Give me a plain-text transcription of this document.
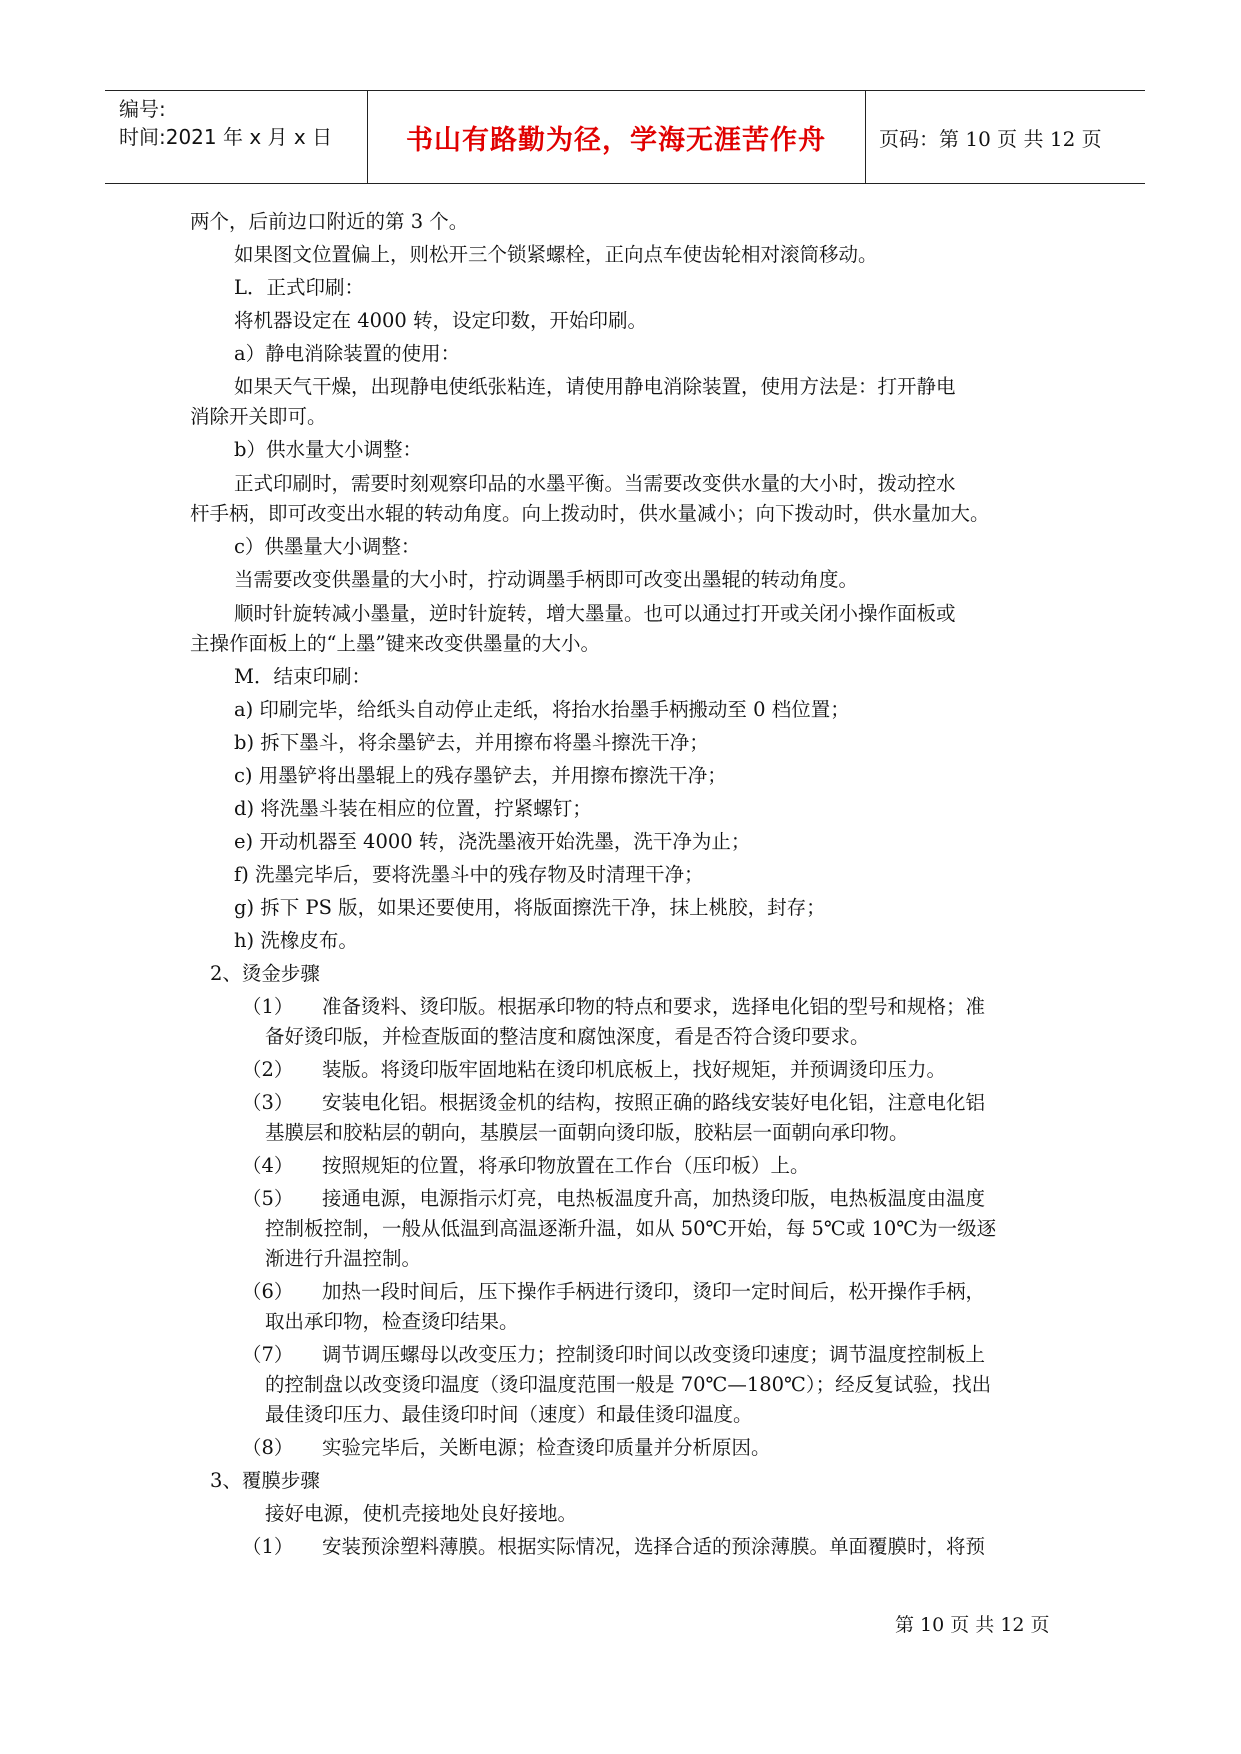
编号:
时间:2021 年 x 月 x 日	书山有路勤为径，学海无涯苦作舟	页码：第 10 页 共 12 页
两个，后前边口附近的第 3 个。
如果图文位置偏上，则松开三个锁紧螺栓，正向点车使齿轮相对滚筒移动。
L．正式印刷：
将机器设定在 4000 转，设定印数，开始印刷。
a）静电消除装置的使用：
如果天气干燥，出现静电使纸张粘连，请使用静电消除装置，使用方法是：打开静电
消除开关即可。
b）供水量大小调整：
正式印刷时，需要时刻观察印品的水墨平衡。当需要改变供水量的大小时，拨动控水
杆手柄，即可改变出水辊的转动角度。向上拨动时，供水量减小；向下拨动时，供水量加大。
c）供墨量大小调整：
当需要改变供墨量的大小时，拧动调墨手柄即可改变出墨辊的转动角度。
顺时针旋转减小墨量，逆时针旋转，增大墨量。也可以通过打开或关闭小操作面板或
主操作面板上的“上墨”键来改变供墨量的大小。
M．结束印刷：
a) 印刷完毕，给纸头自动停止走纸，将抬水抬墨手柄搬动至 0 档位置；
b) 拆下墨斗，将余墨铲去，并用擦布将墨斗擦洗干净；
c) 用墨铲将出墨辊上的残存墨铲去，并用擦布擦洗干净；
d) 将洗墨斗装在相应的位置，拧紧螺钉；
e) 开动机器至 4000 转，浇洗墨液开始洗墨，洗干净为止；
f) 洗墨完毕后，要将洗墨斗中的残存物及时清理干净；
g) 拆下 PS 版，如果还要使用，将版面擦洗干净，抹上桃胶，封存；
h) 洗橡皮布。
2、烫金步骤
（1） 准备烫料、烫印版。根据承印物的特点和要求，选择电化铝的型号和规格；准
备好烫印版，并检查版面的整洁度和腐蚀深度，看是否符合烫印要求。
（2） 装版。将烫印版牢固地粘在烫印机底板上，找好规矩，并预调烫印压力。
（3） 安装电化铝。根据烫金机的结构，按照正确的路线安装好电化铝，注意电化铝
基膜层和胶粘层的朝向，基膜层一面朝向烫印版，胶粘层一面朝向承印物。
（4） 按照规矩的位置，将承印物放置在工作台（压印板）上。
（5） 接通电源，电源指示灯亮，电热板温度升高，加热烫印版，电热板温度由温度
控制板控制，一般从低温到高温逐渐升温，如从 50℃开始，每 5℃或 10℃为一级逐
渐进行升温控制。
（6） 加热一段时间后，压下操作手柄进行烫印，烫印一定时间后，松开操作手柄，
取出承印物，检查烫印结果。
（7） 调节调压螺母以改变压力；控制烫印时间以改变烫印速度；调节温度控制板上
的控制盘以改变烫印温度（烫印温度范围一般是 70℃—180℃）；经反复试验，找出
最佳烫印压力、最佳烫印时间（速度）和最佳烫印温度。
（8） 实验完毕后，关断电源；检查烫印质量并分析原因。
3、覆膜步骤
接好电源，使机壳接地处良好接地。
（1） 安装预涂塑料薄膜。根据实际情况，选择合适的预涂薄膜。单面覆膜时，将预
第 10 页 共 12 页
